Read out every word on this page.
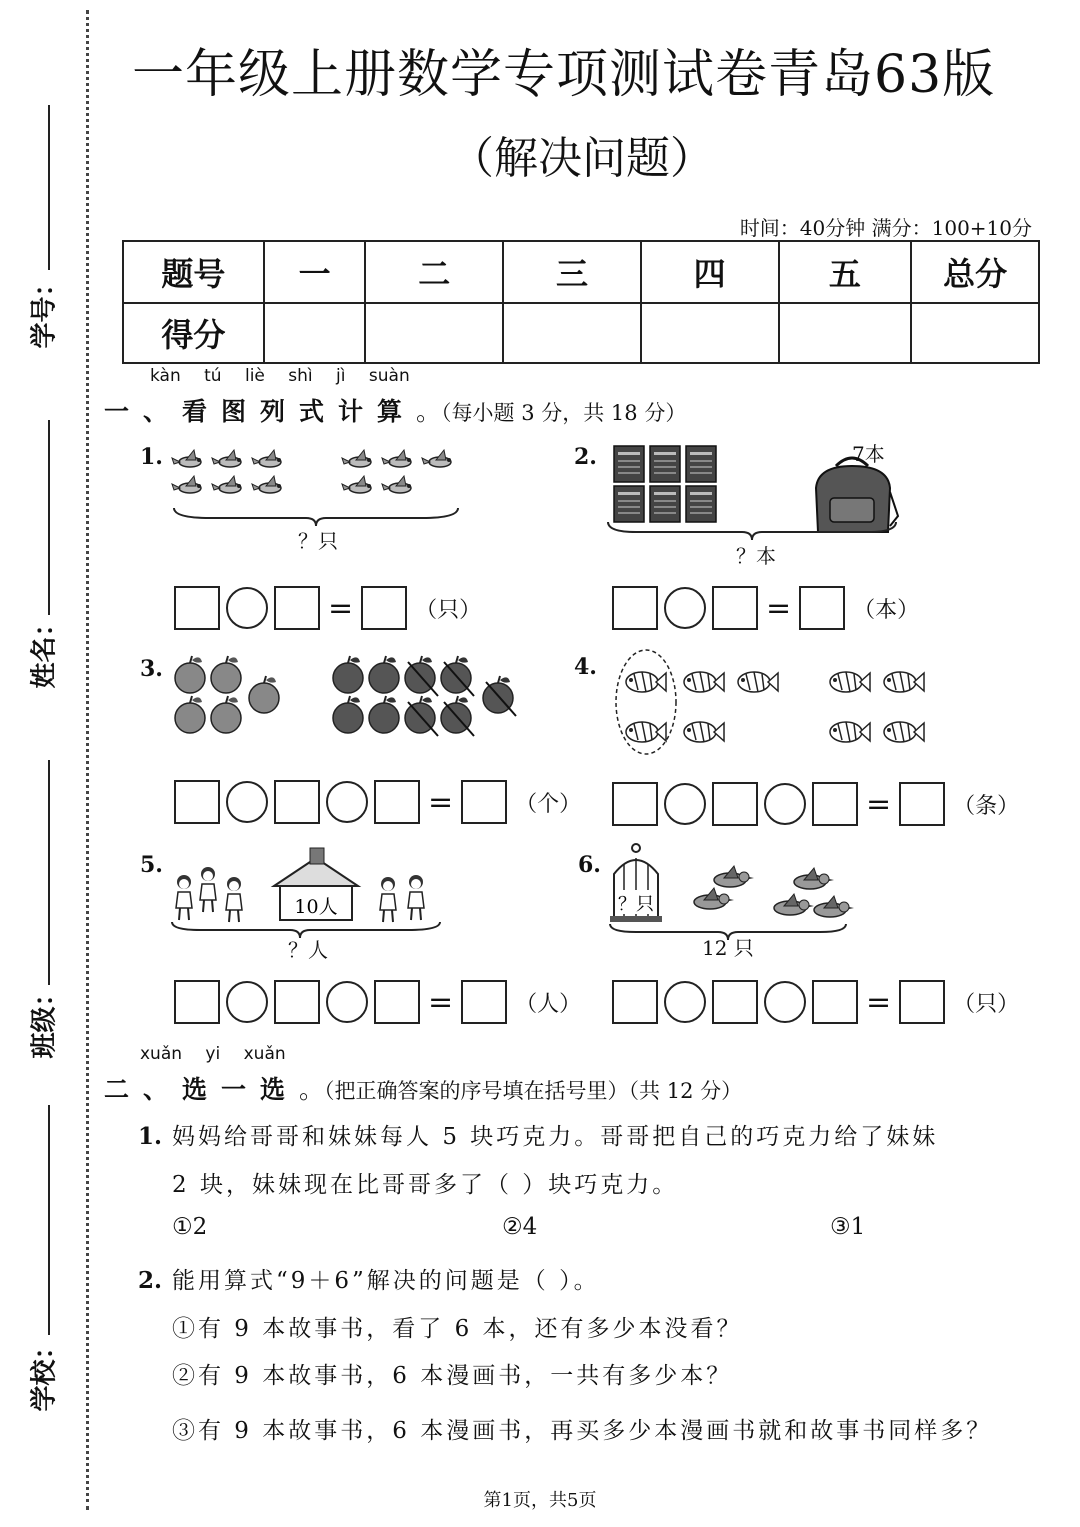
学号：
姓名：
班级：
学校：
一年级上册数学专项测试卷青岛63版
（解决问题）
时间：40分钟 满分：100+10分
题号	一	二	三	四	五	总分
得分						
kàn tú liè shì jì suàn
一、看图列式计算。（每小题 3 分，共 18 分）
1.
？只
=	（只）
2.	7本
？本
=	（本）
3.
=	（个）
4.
=	（条）
5.
10人
？人
=	（人）
6.
？只
12 只
=	（只）
xuǎn yi xuǎn
二、选一选。（把正确答案的序号填在括号里）（共 12 分）
1. 妈妈给哥哥和妹妹每人 5 块巧克力。哥哥把自己的巧克力给了妹妹
2 块，妹妹现在比哥哥多了（ ）块巧克力。
①2	②4	③1
2. 能用算式“9＋6”解决的问题是（ ）。
①有 9 本故事书，看了 6 本，还有多少本没看？
②有 9 本故事书，6 本漫画书，一共有多少本？
③有 9 本故事书，6 本漫画书，再买多少本漫画书就和故事书同样多？
第1页，共5页
